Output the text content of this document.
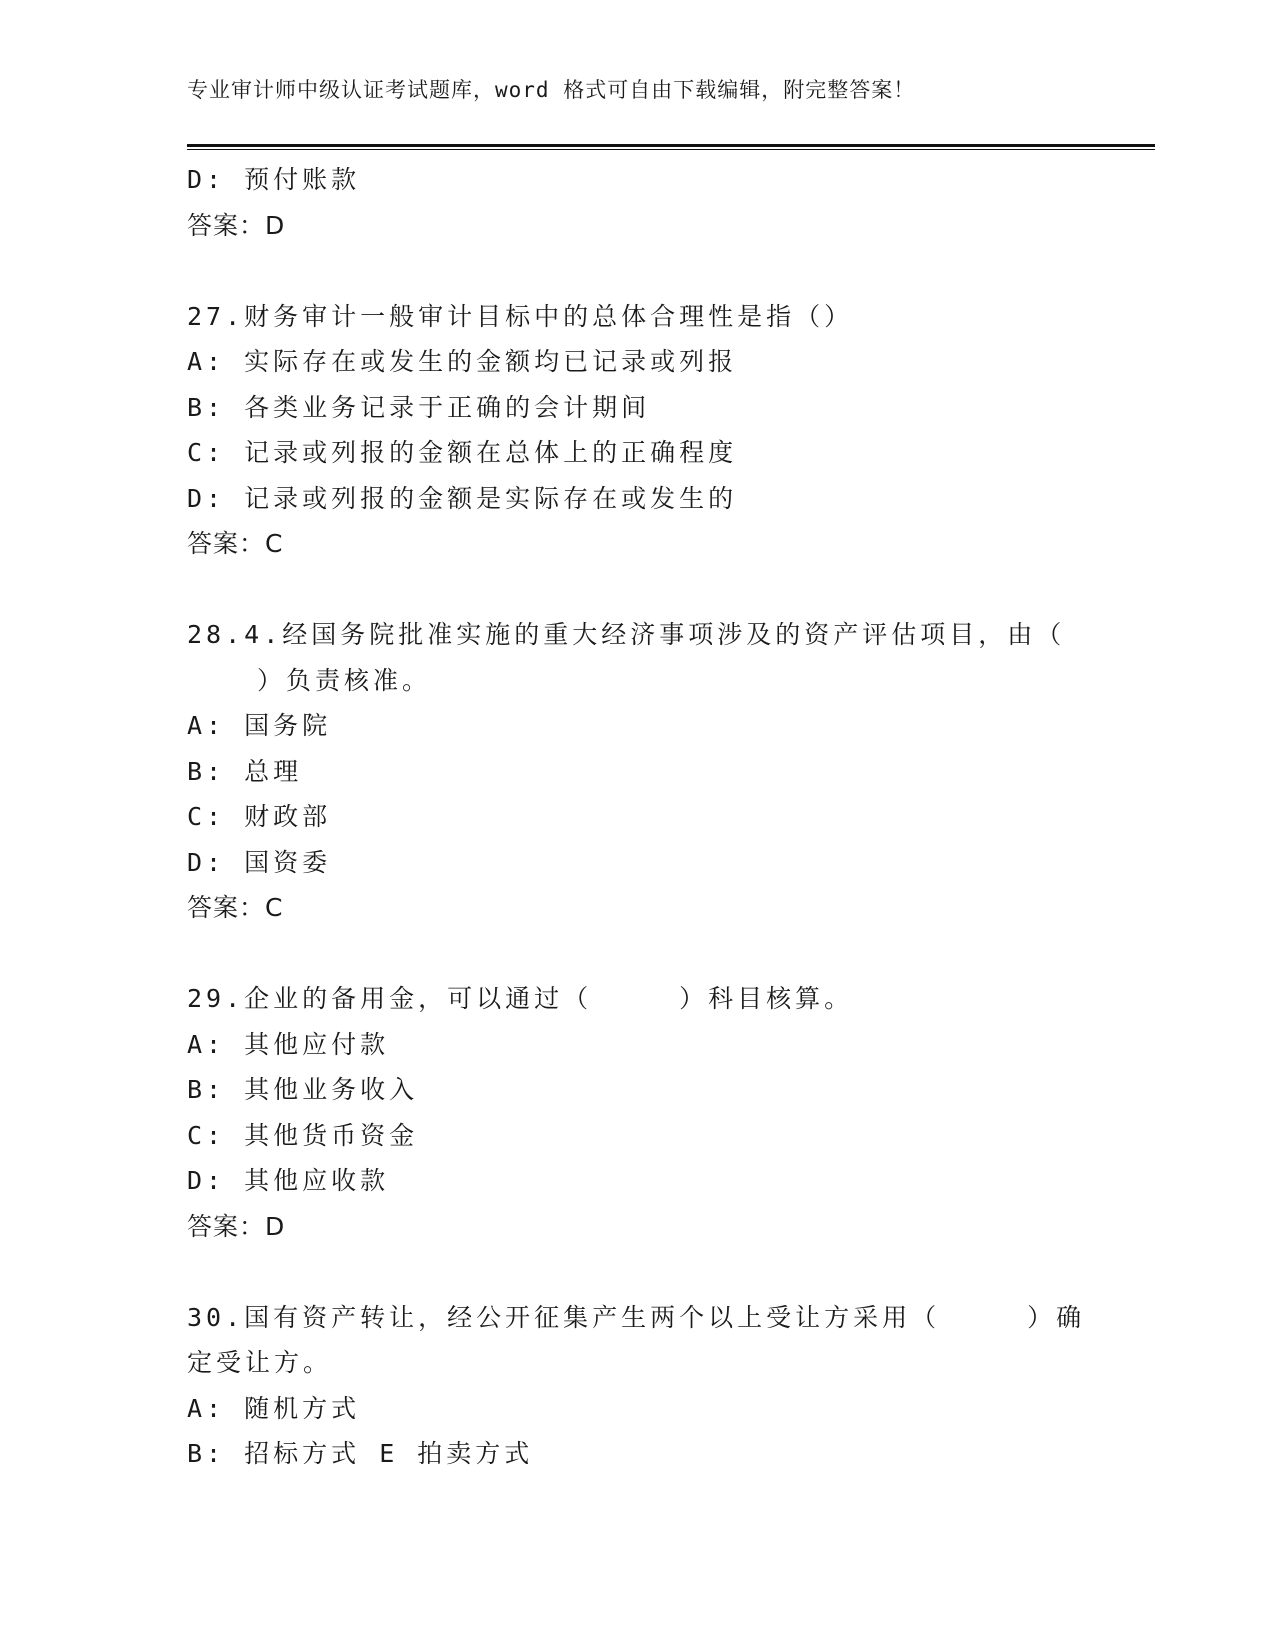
专业审计师中级认证考试题库，word 格式可自由下载编辑，附完整答案！
D: 预付账款
答案：D
27.财务审计一般审计目标中的总体合理性是指（）
A: 实际存在或发生的金额均已记录或列报
B: 各类业务记录于正确的会计期间
C: 记录或列报的金额在总体上的正确程度
D: 记录或列报的金额是实际存在或发生的
答案：C
28.4.经国务院批准实施的重大经济事项涉及的资产评估项目，由（
）负责核准。
A: 国务院
B: 总理
C: 财政部
D: 国资委
答案：C
29.企业的备用金，可以通过（　　　）科目核算。
A: 其他应付款
B: 其他业务收入
C: 其他货币资金
D: 其他应收款
答案：D
30.国有资产转让，经公开征集产生两个以上受让方采用（　　　）确
定受让方。
A: 随机方式
B: 招标方式 E 拍卖方式
